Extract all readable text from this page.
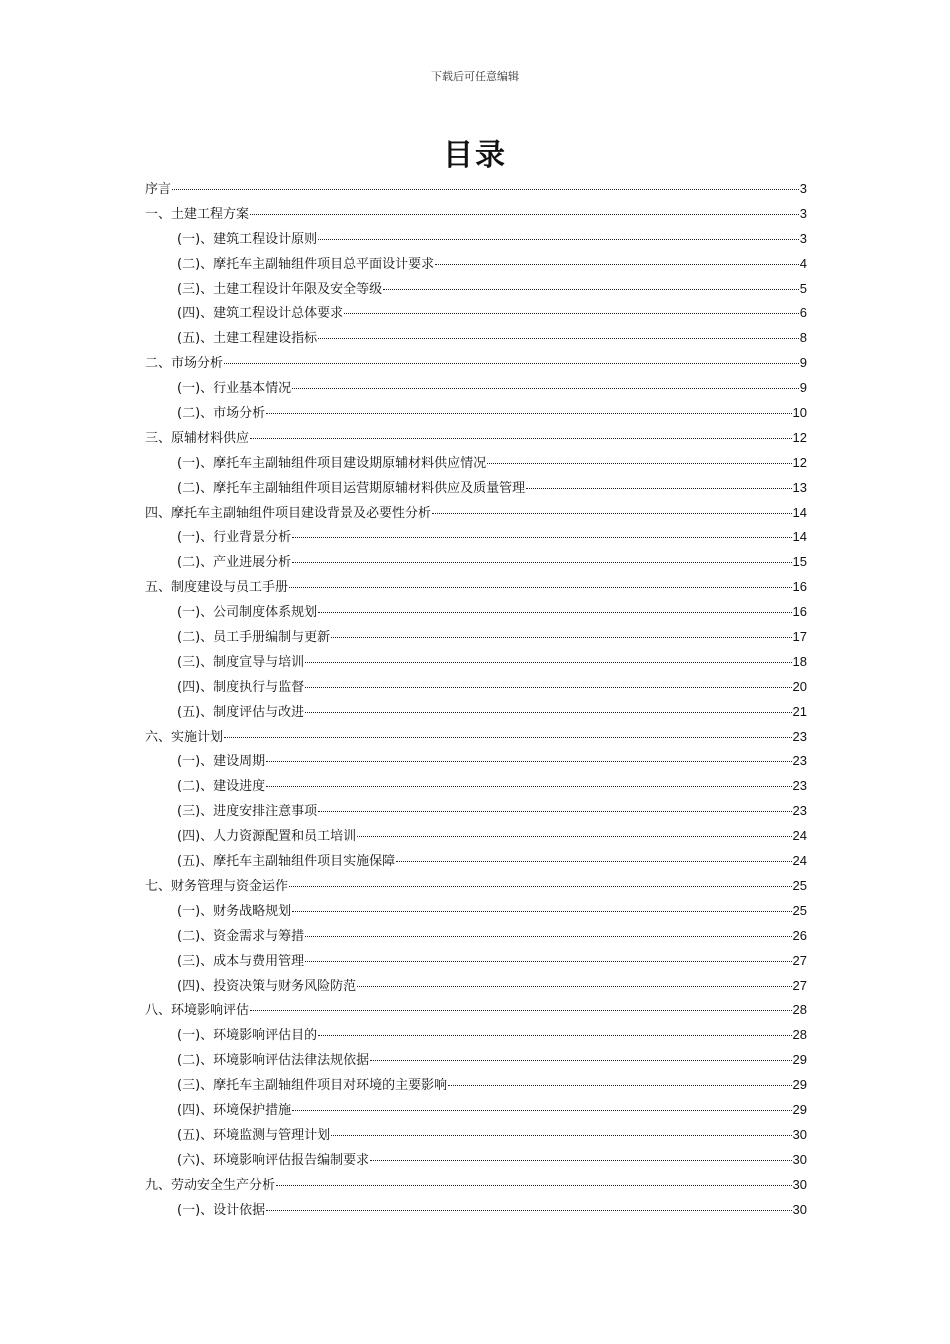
下载后可任意编辑
目录
序言	3
一、土建工程方案	3
(一)、建筑工程设计原则	3
(二)、摩托车主副轴组件项目总平面设计要求	4
(三)、土建工程设计年限及安全等级	5
(四)、建筑工程设计总体要求	6
(五)、土建工程建设指标	8
二、市场分析	9
(一)、行业基本情况	9
(二)、市场分析	10
三、原辅材料供应	12
(一)、摩托车主副轴组件项目建设期原辅材料供应情况	12
(二)、摩托车主副轴组件项目运营期原辅材料供应及质量管理	13
四、摩托车主副轴组件项目建设背景及必要性分析	14
(一)、行业背景分析	14
(二)、产业进展分析	15
五、制度建设与员工手册	16
(一)、公司制度体系规划	16
(二)、员工手册编制与更新	17
(三)、制度宣导与培训	18
(四)、制度执行与监督	20
(五)、制度评估与改进	21
六、实施计划	23
(一)、建设周期	23
(二)、建设进度	23
(三)、进度安排注意事项	23
(四)、人力资源配置和员工培训	24
(五)、摩托车主副轴组件项目实施保障	24
七、财务管理与资金运作	25
(一)、财务战略规划	25
(二)、资金需求与筹措	26
(三)、成本与费用管理	27
(四)、投资决策与财务风险防范	27
八、环境影响评估	28
(一)、环境影响评估目的	28
(二)、环境影响评估法律法规依据	29
(三)、摩托车主副轴组件项目对环境的主要影响	29
(四)、环境保护措施	29
(五)、环境监测与管理计划	30
(六)、环境影响评估报告编制要求	30
九、劳动安全生产分析	30
(一)、设计依据	30
